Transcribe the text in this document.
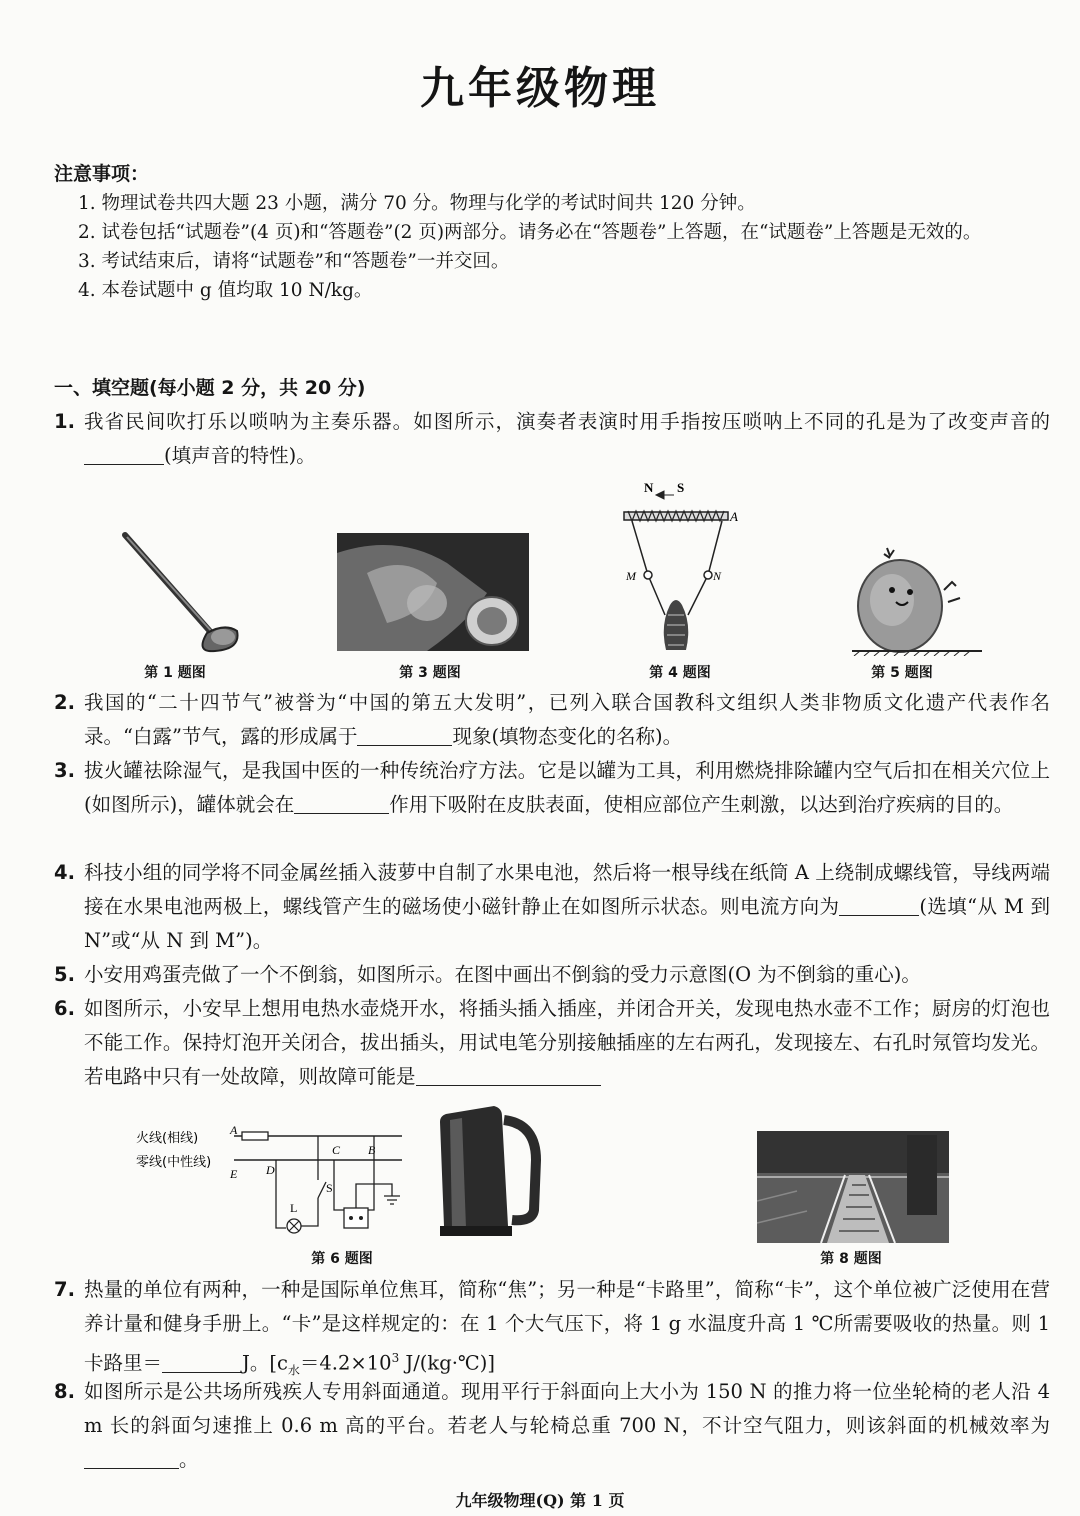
九年级物理
注意事项：
1. 物理试卷共四大题 23 小题，满分 70 分。物理与化学的考试时间共 120 分钟。
2. 试卷包括“试题卷”(4 页)和“答题卷”(2 页)两部分。请务必在“答题卷”上答题，在“试题卷”上答题是无效的。
3. 考试结束后，请将“试题卷”和“答题卷”一并交回。
4. 本卷试题中 g 值均取 10 N/kg。
一、填空题(每小题 2 分，共 20 分)
1. 我省民间吹打乐以唢呐为主奏乐器。如图所示，演奏者表演时用手指按压唢呐上不同的孔是为了改变声音的(填声音的特性)。
第 1 题图	第 3 题图
N S
A
M	N
第 4 题图	第 5 题图
2. 我国的“二十四节气”被誉为“中国的第五大发明”，已列入联合国教科文组织人类非物质文化遗产代表作名录。“白露”节气，露的形成属于	现象(填物态变化的名称)。
3. 拔火罐祛除湿气，是我国中医的一种传统治疗方法。它是以罐为工具，利用燃烧排除罐内空气后扣在相关穴位上(如图所示)，罐体就会在	作用下吸附在皮肤表面，使相应部位产生刺激，以达到治疗疾病的目的。
4. 科技小组的同学将不同金属丝插入菠萝中自制了水果电池，然后将一根导线在纸筒 A 上绕制成螺线管，导线两端接在水果电池两极上，螺线管产生的磁场使小磁针静止在如图所示状态。则电流方向为	(选填“从 M 到 N”或“从 N 到 M”)。
5. 小安用鸡蛋壳做了一个不倒翁，如图所示。在图中画出不倒翁的受力示意图(O 为不倒翁的重心)。
6. 如图所示，小安早上想用电热水壶烧开水，将插头插入插座，并闭合开关，发现电热水壶不工作；厨房的灯泡也不能工作。保持灯泡开关闭合，拔出插头，用试电笔分别接触插座的左右两孔，发现接左、右孔时氖管均发光。若电路中只有一处故障，则故障可能是
火线(相线)
零线(中性线)
A
E
C B
D
L
S
第 6 题图	第 8 题图
7. 热量的单位有两种，一种是国际单位焦耳，简称“焦”；另一种是“卡路里”，简称“卡”，这个单位被广泛使用在营养计量和健身手册上。“卡”是这样规定的：在 1 个大气压下，将 1 g 水温度升高 1 ℃所需要吸收的热量。则 1 卡路里＝	J。[$c_水=4.2\times 10^3$ J/(kg·℃)]
8. 如图所示是公共场所残疾人专用斜面通道。现用平行于斜面向上大小为 150 N 的推力将一位坐轮椅的老人沿 4 m 长的斜面匀速推上 0.6 m 高的平台。若老人与轮椅总重 700 N，不计空气阻力，则该斜面的机械效率为。
九年级物理(Q) 第 1 页
